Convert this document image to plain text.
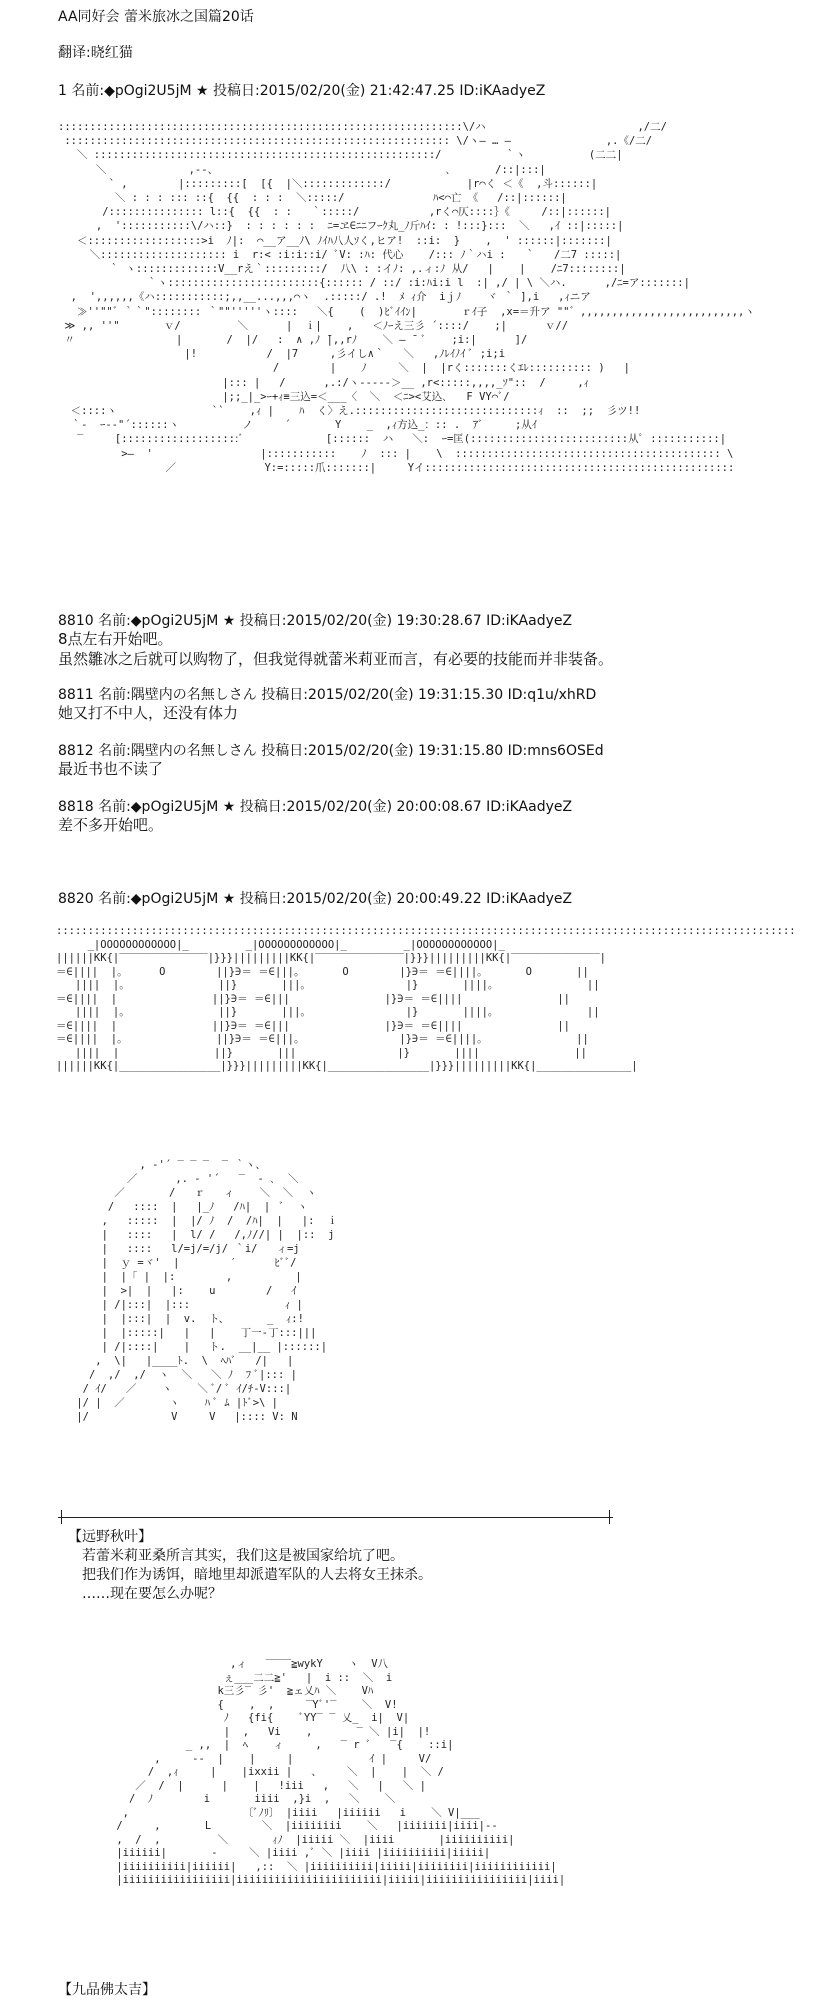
AA同好会 蕾米旅冰之国篇20话
翻译:晓红猫
1 名前:◆pOgi2U5jM ★ 投稿日:2015/02/20(金) 21:42:47.25 ID:iKAadyeZ
::::::::::::::::::::::::::::::::::::::::::::::::::::::::::::::::\/ハ                        ,/二/
::::::::::::::::::::::::::::::::::::::::::::::::::::::::::::: \/ヽ― … ―               ,.《/二/
＼ ::::::::::::::::::::::::::::::::::::::::::::::::::::::/          ｀ヽ          (二二|
＼             ,--、                                    ､       /::|:::|
` ,        |:::::::::[  [{  |＼:::::::::::::/            |r⌒く ＜《  ,斗::::::|
＼ : : : ::: ::{  {{  : : :  ＼:::::/              ﾊ<⌒亡 《   /::|::::::|
/::::::::::::::: l::{  {{  : :   ｀:::::/           ,rく⌒仄::::｝《     /::|::::::|
,  ':::::::::::\/ハ::}  : : : : : :  ﾆ=ヱ∈ﾆﾆフｰｸ丸_ﾉ斤ﾊｲ: : !:::}:::  ＼   ,ｲ ::|:::::|
＜::::::::::::::::::>i  ﾉ|:  ⌒__ア__ﾉ\ ﾉｲﾊ八人ｿく,ヒア!  ::i:  }    ,  ' ::::::|:::::::|
＼:::::::::::::::::::: i  r:< :i:i::i/ ﾞV: :ﾊ: 代心    /::: ﾉ｀ハi :   ｀   /二7 :::::|
｀ ヽ:::::::::::::V__rえ｀:::::::::/  八\ : :イﾉ: ,.ィ:ﾉ 从/   |    |    /ﾆ7::::::::|
｀ヽ::::::::::::::::::::::::{:::::: / ::/ :i:ﾊi:i l  :| ,/ | \ ＼ハ.      ,/ﾆ=ア:::::::|
,  ',,,,,,《ハ:::::::::::;,,__...,,,⌒ヽ  .:::::/ .!  ﾒ ｨ介  i̇ｊﾉ    ヾ ｀ ],i   ,ｨニア
≫''""゛｀｀":::::::: ｀""'''''ヽ::::   ＼{    (  )ﾋﾞｲｲﾝ|       ｒｲ子  ,x=＝升ア ""゛,,,,,,,,,,,,,,,,,,,,,,,,,,ヽ
≫ ,, ''"       ｖ/         ＼      |  ｉ|    ,   ＜ﾉｰえ三彡 ´::::/    ;|      ｖ//
〃                |       /  |/   :  ∧ ,ﾉ ̄|,,rﾉ    ＼ ― ̄  ﾞ    ;i:|      ]/
|!           /  |7     ,彡イし∧｀   ＼   ,ﾉﾚｲﾉｲ ﾞ ;i;i
/        |    ﾉ     ＼  |  |rく:::::::くｴﾚ:::::::::: )   |
|::: |   /      ,.:/ヽ-----＞__ ,r<:::::,,,,_ｿ"::  /     ,ｨ
|;;_|_>ｰ+ｨ≡三込=＜___〈  ＼  ＜ﾆ><艾込､   F VY⌒ﾞ/
＜::::ヽ               ``    ,ｨ |    ﾊ  く〉え.:::::::::::::::::::::::::::::ｨ  ::  ;;  彡ツ!!
｀-  ｰ--"´::::::ヽ          ノ     ´       Y    _  ,ｨ方込_：:: .  ｱﾞ     ;从ｲ
‾     [:::::::::::::::::::ﾞ             [::::::  ハ   ＼:  ｰ=匡(:::::::::::::::::::::::::从ﾟ :::::::::::|
>―  '                 |:::::::::::    ﾉ  ::: |    \  :::::::::::::::::::::::::::::::::::::::::: \
／              Y:=:::::爪:::::::|     Yイ:::::::::::::::::::::::::::::::::::::::::::::::::
8810 名前:◆pOgi2U5jM ★ 投稿日:2015/02/20(金) 19:30:28.67 ID:iKAadyeZ
8点左右开始吧。
虽然雛冰之后就可以购物了，但我觉得就蕾米莉亚而言，有必要的技能而并非装备。
8811 名前:隅壁内の名無しさん 投稿日:2015/02/20(金) 19:31:15.30 ID:q1u/xhRD
她又打不中人，还没有体力
8812 名前:隅壁内の名無しさん 投稿日:2015/02/20(金) 19:31:15.80 ID:mns6OSEd
最近书也不读了
8818 名前:◆pOgi2U5jM ★ 投稿日:2015/02/20(金) 20:00:08.67 ID:iKAadyeZ
差不多开始吧。
8820 名前:◆pOgi2U5jM ★ 投稿日:2015/02/20(金) 20:00:49.22 ID:iKAadyeZ
:::::::::::::::::::::::::::::::::::::::::::::::::::::::::::::::::::::::::::::::::::::::::::::::::::::::::::::::::::::
_|OOOOOOOOOOOO|_         _|OOOOOOOOOOOO|_         _|OOOOOOOOOOOO|_
||||||KK{|‾‾‾‾‾‾‾‾‾‾‾‾‾‾|}}}|||||||||KK{|‾‾‾‾‾‾‾‾‾‾‾‾‾‾|}}}|||||||||KK{|‾‾‾‾‾‾‾‾‾‾‾‾‾‾|
＝∈||||  |。     O        ||}∋＝ ＝∈|||。      O        |}∋＝ ＝∈||||。      O       ||
||||  |。              ||}       |||。               |}       ||||。              ||
＝∈||||  |               ||}∋＝ ＝∈|||               |}∋＝ ＝∈||||               ||
||||  |。              ||}       |||。               |}       ||||。              ||
＝∈||||  |               ||}∋＝ ＝∈|||               |}∋＝ ＝∈||||               ||
＝∈||||  |。              ||}∋＝ ＝∈|||。               |}∋＝ ＝∈||||。              ||
||||  |               ||}       |||                |}       ||||               ||
||||||KK{|________________|}}}|||||||||KK{|________________|}}}|||||||||KK{|_______________|
, ‐'´ ‾ ‾ ‾  ‾ ｀ヽ、
／      ,. ‐ '´   ‾  ‐ ､  ＼
／       /   ｒ   ィ    ＼  ＼  ヽ
/   ::::  |   |_ﾉ   /ﾊ|  |  ﾞ  ヽ
,   :::::  |  |/ ﾉ  /  /ﾊ|  |   |:  ｉ
|   ::::   |  l/ /   /,ﾉ//| |  |::  j
|   ::::   l/=j/=/j/ ｀i/   ィ=j
|  ｙ =ヾ'  |        ′      ﾋﾞﾞ/
|  |「 |  |:        ,          |
|  >|  |   |:    u        /   ｲ
| /|:::|  |:::               ｨ |
|  |:::|  |  v.  ト、      _  ｨ:!
|  |:::::|   |   |    丁一-丁:::|||
| /|::::|    |   ト.  __|__ |::::::|
,  \|   |____ﾄ.  \  ﾍﾊﾞ   /|   |
/  ,/  ,/  ヽ  ＼   ＼ ﾉ  ﾌ ﾞ|::: |
/ ｲ/   ／    ヽ    ＼ ﾞ/ ﾞ ｲ/ﾁ-V:::|
|/ |  ／       ヽ    ﾊ ﾞ ﾑ |ﾄﾞ>\ |
|/             V     V   |:::: V: N
【远野秋叶】
若蕾米莉亚桑所言其实，我们这是被国家给坑了吧。
把我们作为诱饵，暗地里却派遣军队的人去将女王抹杀。
……现在要怎么办呢？
,ィ   ‾‾‾‾≧wykY    ヽ  V八
ぇ___二二≧'   |  i ::  ＼  i
k三彡‾ 彡'  ≧ェ乂ﾊ ＼    Vﾊ
{    ,  ,     ‾Yﾞ'‾    ＼  V!
ﾉ   {fi{    ﾞYY‾ ‾ 乂_  i|  V|
|  ,   Vi    ,       ‾ ＼ |i|  |!
_ ,,  |  ﾍ    ィ     ,   ‾ r ﾞ   ‾{    ::i|
,     --  |    |     |            ｲ |     V/
/  ,ｨ     |    |ixxii |   、    ＼  |    |  ＼ /
／  /  |      |    |   !iii   ,   ＼   |   ＼ |
/  ﾉ        i       iiii  ,}i  ,   ＼    ＼
,                  〔ﾞﾉﾘ〕 |iiii   |iiiiii   i    ＼ V|___
/     ,       L        ＼  |iiiiiiii    ＼   |iiiiiii|iiii|--
,  /  ,         ＼       ｨﾉ  |iiiii ＼  |iiii       |iiiiiiiiii|
|iiiiii|       ‐     ＼ |iiii ,ﾞ ＼ |iiii |iiiiiiiiii|iiiii|
|iiiiiiiiii|iiiiii|   ,::  ＼ |iiiiiiiiii|iiiii|iiiiiiii|iiiiiiiiiiii|
|iiiiiiiiiiiiiiiii|iiiiiiiiiiiiiiiiiiiiiii|iiiii|iiiiiiiiiiiiiiii|iiii|
【九品佛太吉】
